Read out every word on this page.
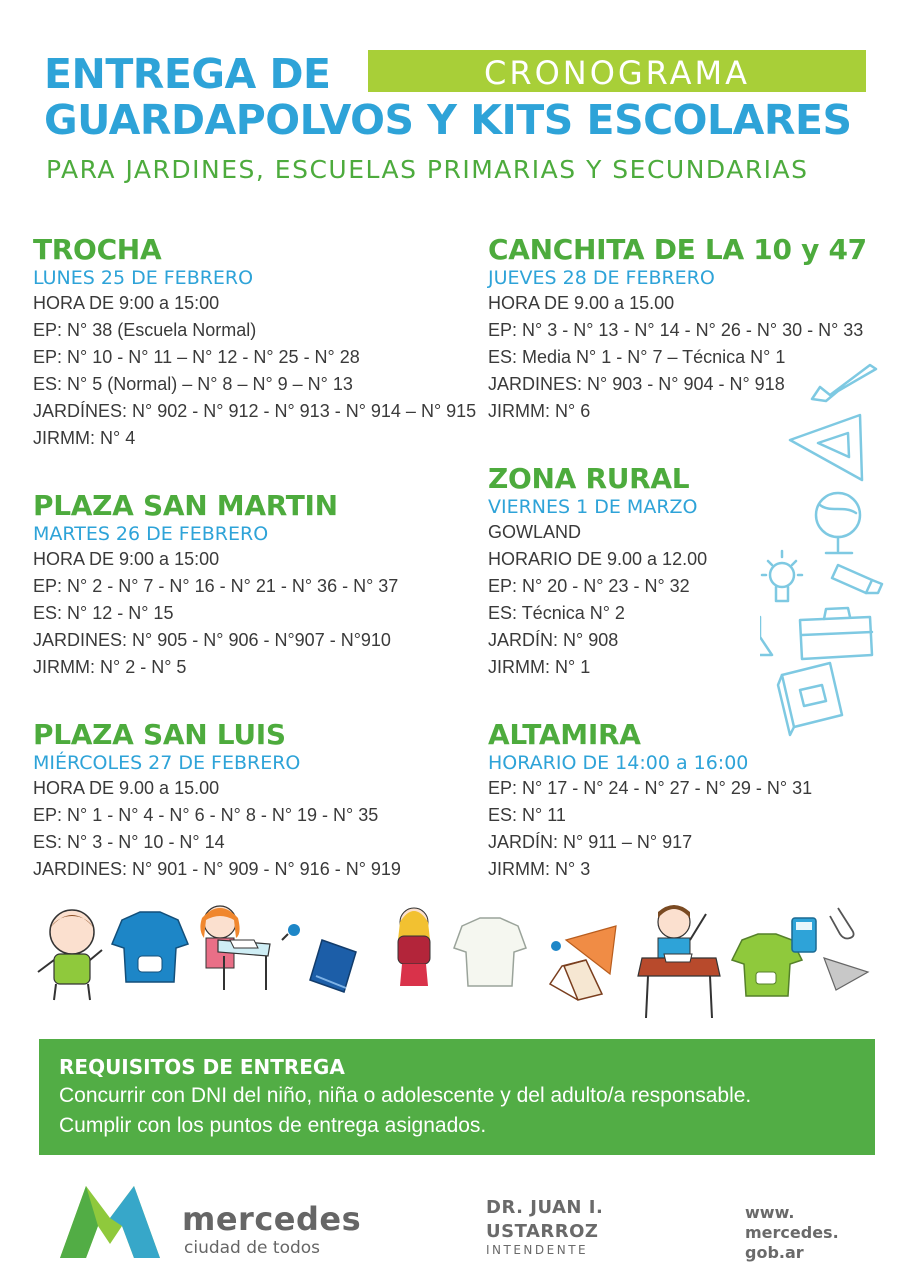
CRONOGRAMA
ENTREGA DE
GUARDAPOLVOS Y KITS ESCOLARES
PARA JARDINES, ESCUELAS PRIMARIAS Y SECUNDARIAS
TROCHA
LUNES 25 DE FEBRERO
HORA DE 9:00 a 15:00
EP: N° 38 (Escuela Normal)
EP: N° 10 - N° 11 – N° 12 - N° 25 - N° 28
ES: N° 5 (Normal) – N° 8 – N° 9 – N° 13
JARDÍNES: N° 902 - N° 912 - N° 913 - N° 914 – N° 915
JIRMM: N° 4
CANCHITA DE LA 10 y 47
JUEVES 28 DE FEBRERO
HORA DE 9.00 a 15.00
EP: N° 3 - N° 13 - N° 14 - N° 26 - N° 30 - N° 33
ES: Media N° 1 - N° 7 – Técnica N° 1
JARDINES: N° 903 - N° 904 - N° 918
JIRMM: N° 6
PLAZA SAN MARTIN
MARTES 26 DE FEBRERO
HORA DE 9:00 a 15:00
EP: N° 2 - N° 7 - N° 16 - N° 21 - N° 36 - N° 37
ES: N° 12 - N° 15
JARDINES: N° 905 - N° 906 - N°907 - N°910
JIRMM: N° 2 - N° 5
ZONA RURAL
VIERNES 1 DE MARZO
GOWLAND
HORARIO DE 9.00 a 12.00
EP: N° 20 - N° 23 - N° 32
ES: Técnica N° 2
JARDÍN: N° 908
JIRMM: N° 1
PLAZA SAN LUIS
MIÉRCOLES 27 DE FEBRERO
HORA DE 9.00 a 15.00
EP: N° 1 - N° 4 - N° 6 - N° 8 - N° 19 - N° 35
ES: N° 3 - N° 10 - N° 14
JARDINES: N° 901 - N° 909 - N° 916 - N° 919
ALTAMIRA
HORARIO DE 14:00 a 16:00
EP: N° 17 - N° 24 - N° 27 - N° 29 - N° 31
ES: N° 11
JARDÍN: N° 911 – N° 917
JIRMM: N° 3
REQUISITOS DE ENTREGA
Concurrir con DNI del niño, niña o adolescente y del adulto/a responsable.
Cumplir con los puntos de entrega asignados.
mercedes
ciudad de todos
DR. JUAN I.
USTARROZ
INTENDENTE
www.
mercedes.
gob.ar
